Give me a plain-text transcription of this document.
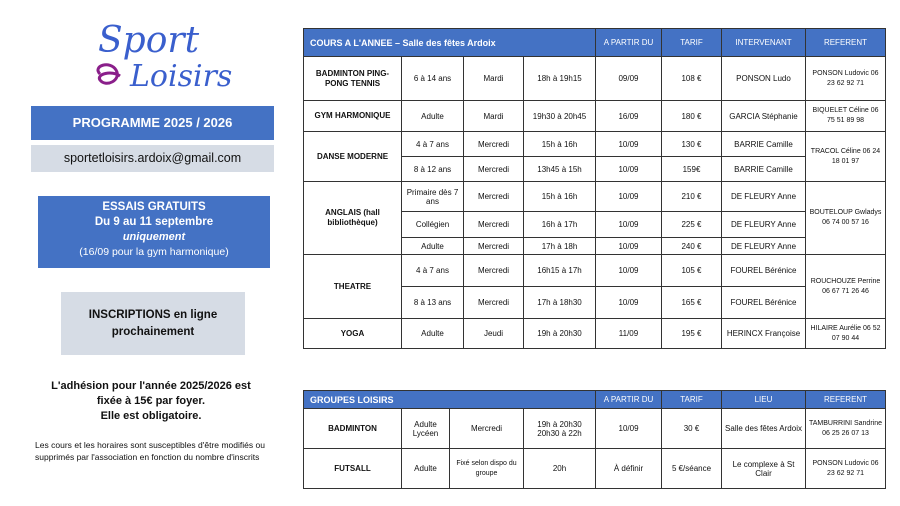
Sport
Loisirs
PROGRAMME 2025 / 2026
sportetloisirs.ardoix@gmail.com
ESSAIS GRATUITS
Du 9 au 11 septembre
uniquement
(16/09 pour la gym harmonique)
INSCRIPTIONS en ligne prochainement
L'adhésion pour l'année 2025/2026 est
fixée à 15€ par foyer.
Elle est obligatoire.
Les cours et les horaires sont susceptibles d'être modifiés ou supprimés par l'association en fonction du nombre d'inscrits
COURS A L'ANNEE – Salle des fêtes Ardoix				A PARTIR DU	TARIF	INTERVENANT	REFERENT
BADMINTON PING-PONG TENNIS	6 à 14 ans	Mardi	18h à 19h15	09/09	108 €	PONSON Ludo	PONSON Ludovic 06 23 62 92 71
GYM HARMONIQUE	Adulte	Mardi	19h30 à 20h45	16/09	180 €	GARCIA Stéphanie	BIQUELET Céline 06 75 51 89 98
DANSE MODERNE	4 à 7 ans	Mercredi	15h à 16h	10/09	130 €	BARRIE Camille	TRACOL Céline 06 24 18 01 97
	8 à 12 ans	Mercredi	13h45 à 15h	10/09	159€	BARRIE Camille	
ANGLAIS (hall bibliothèque)	Primaire dès 7 ans	Mercredi	15h à 16h	10/09	210 €	DE FLEURY Anne	BOUTELOUP Gwladys 06 74 00 57 16
	Collégien	Mercredi	16h à 17h	10/09	225 €	DE FLEURY Anne	
	Adulte	Mercredi	17h à 18h	10/09	240 €	DE FLEURY Anne	
THEATRE	4 à 7 ans	Mercredi	16h15 à 17h	10/09	105 €	FOUREL Bérénice	ROUCHOUZE Perrine 06 67 71 26 46
	8 à 13 ans	Mercredi	17h à 18h30	10/09	165 €	FOUREL Bérénice	
YOGA	Adulte	Jeudi	19h à 20h30	11/09	195 €	HERINCX Françoise	HILAIRE Aurélie 06 52 07 90 44
GROUPES LOISIRS				A PARTIR DU	TARIF	LIEU	REFERENT
BADMINTON	Adulte Lycéen	Mercredi	19h à 20h30 20h30 à 22h	10/09	30 €	Salle des fêtes Ardoix	TAMBURRINI Sandrine 06 25 26 07 13
FUTSALL	Adulte	Fixé selon dispo du groupe	20h	À définir	5 €/séance	Le complexe à St Clair	PONSON Ludovic 06 23 62 92 71
